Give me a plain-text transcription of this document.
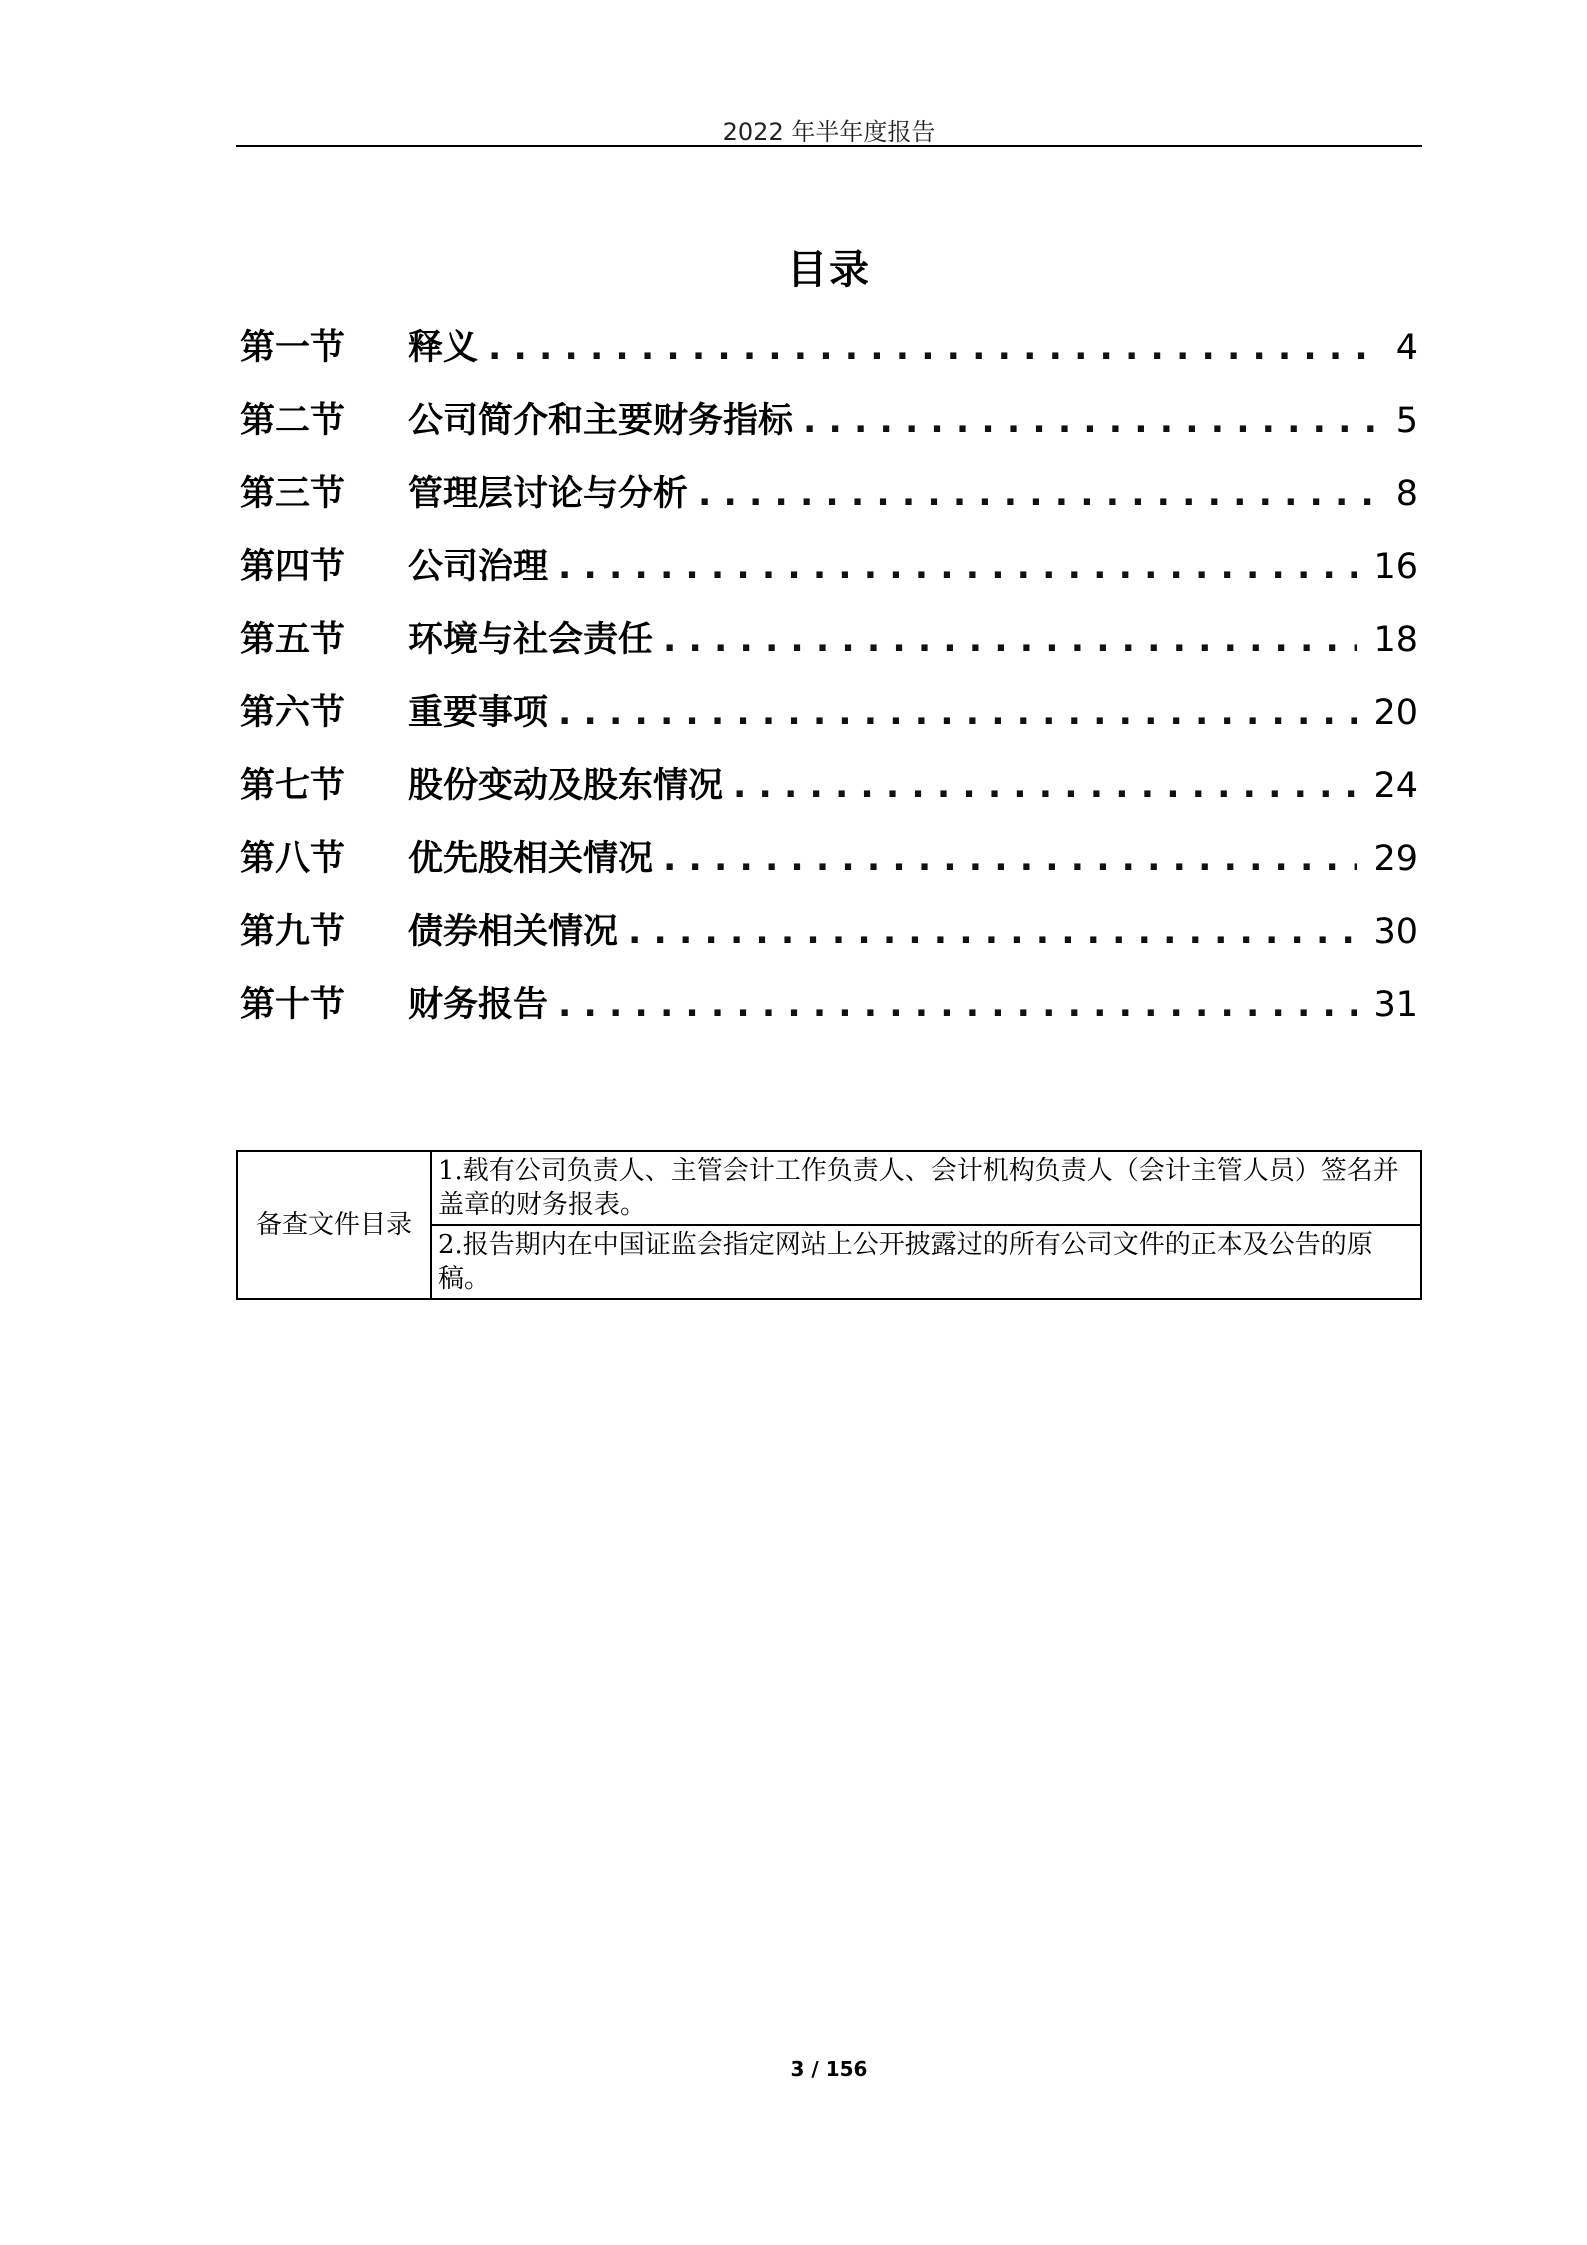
2022 年半年度报告
目录
第一节	释义 . . .	4
第二节	公司简介和主要财务指标 . . .	5
第三节	管理层讨论与分析 . . .	8
第四节	公司治理 . . .	16
第五节	环境与社会责任 . . .	18
第六节	重要事项 . . .	20
第七节	股份变动及股东情况 . . .	24
第八节	优先股相关情况 . . .	29
第九节	债券相关情况 . . .	30
第十节	财务报告 . . .	31
备查文件目录	1.载有公司负责人、主管会计工作负责人、会计机构负责人（会计主管人员）签名并盖章的财务报表。
2.报告期内在中国证监会指定网站上公开披露过的所有公司文件的正本及公告的原稿。
3 / 156
